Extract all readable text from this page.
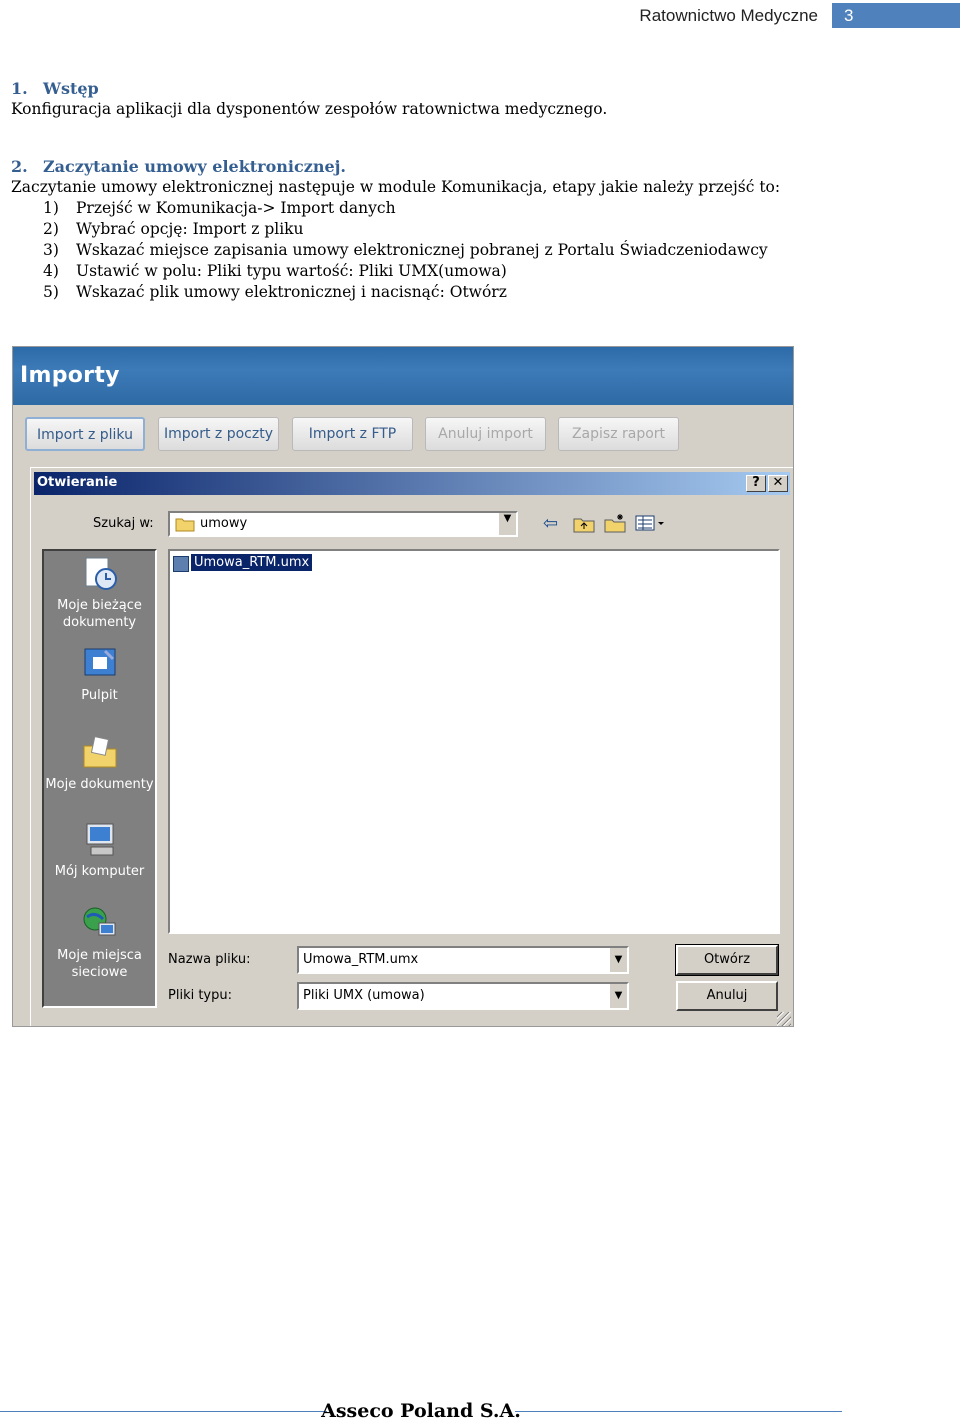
Ratownictwo Medyczne 3

1. Wstęp

Konfiguracja aplikacji dla dysponentów zespołów ratownictwa medycznego.

2. Zaczytanie umowy elektronicznej.

Zaczytanie umowy elektronicznej następuje w module Komunikacja, etapy jakie należy przejść to:

1) Przejść w Komunikacja-> Import danych
2) Wybrać opcję: Import z pliku
3) Wskazać miejsce zapisania umowy elektronicznej pobranej z Portalu Świadczeniodawcy
4) Ustawić w polu: Pliki typu wartość: Pliki UMX(umowa)
5) Wskazać plik umowy elektronicznej i nacisnąć: Otwórz
Importy
Import z pliku	Import z poczty	Import z FTP	Anuluj import	Zapisz raport
Otwieranie	? ✕
Szukaj w:	umowy	▼ ⇦
Moje bieżące dokumenty
Pulpit
Moje dokumenty
Mój komputer
Moje miejsca sieciowe
Umowa_RTM.umx
Nazwa pliku:	Umowa_RTM.umx	▼
Pliki typu:	Pliki UMX (umowa)	▼
Otwórz
Anuluj
Asseco Poland S.A.
